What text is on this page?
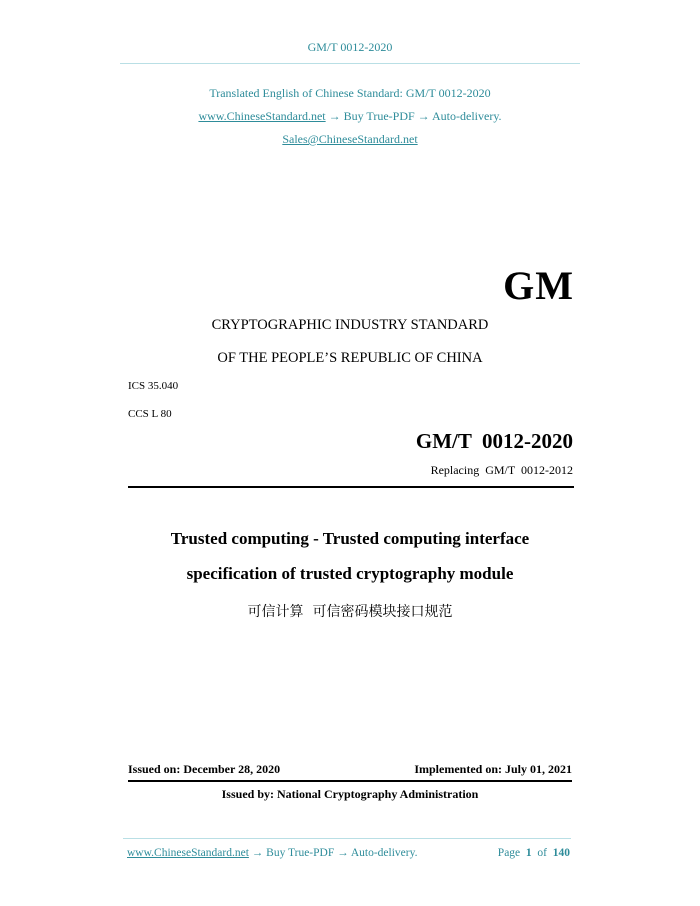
GM/T 0012-2020
Translated English of Chinese Standard: GM/T 0012-2020
www.ChineseStandard.net → Buy True-PDF → Auto-delivery.
Sales@ChineseStandard.net
GM
CRYPTOGRAPHIC INDUSTRY STANDARD
OF THE PEOPLE’S REPUBLIC OF CHINA
ICS 35.040
CCS L 80
GM/T  0012-2020
Replacing  GM/T  0012-2012
Trusted computing - Trusted computing interface
specification of trusted cryptography module
可信计算  可信密码模块接口规范
Issued on: December 28, 2020	Implemented on: July 01, 2021
Issued by: National Cryptography Administration
www.ChineseStandard.net → Buy True-PDF → Auto-delivery.	Page 1 of 140
